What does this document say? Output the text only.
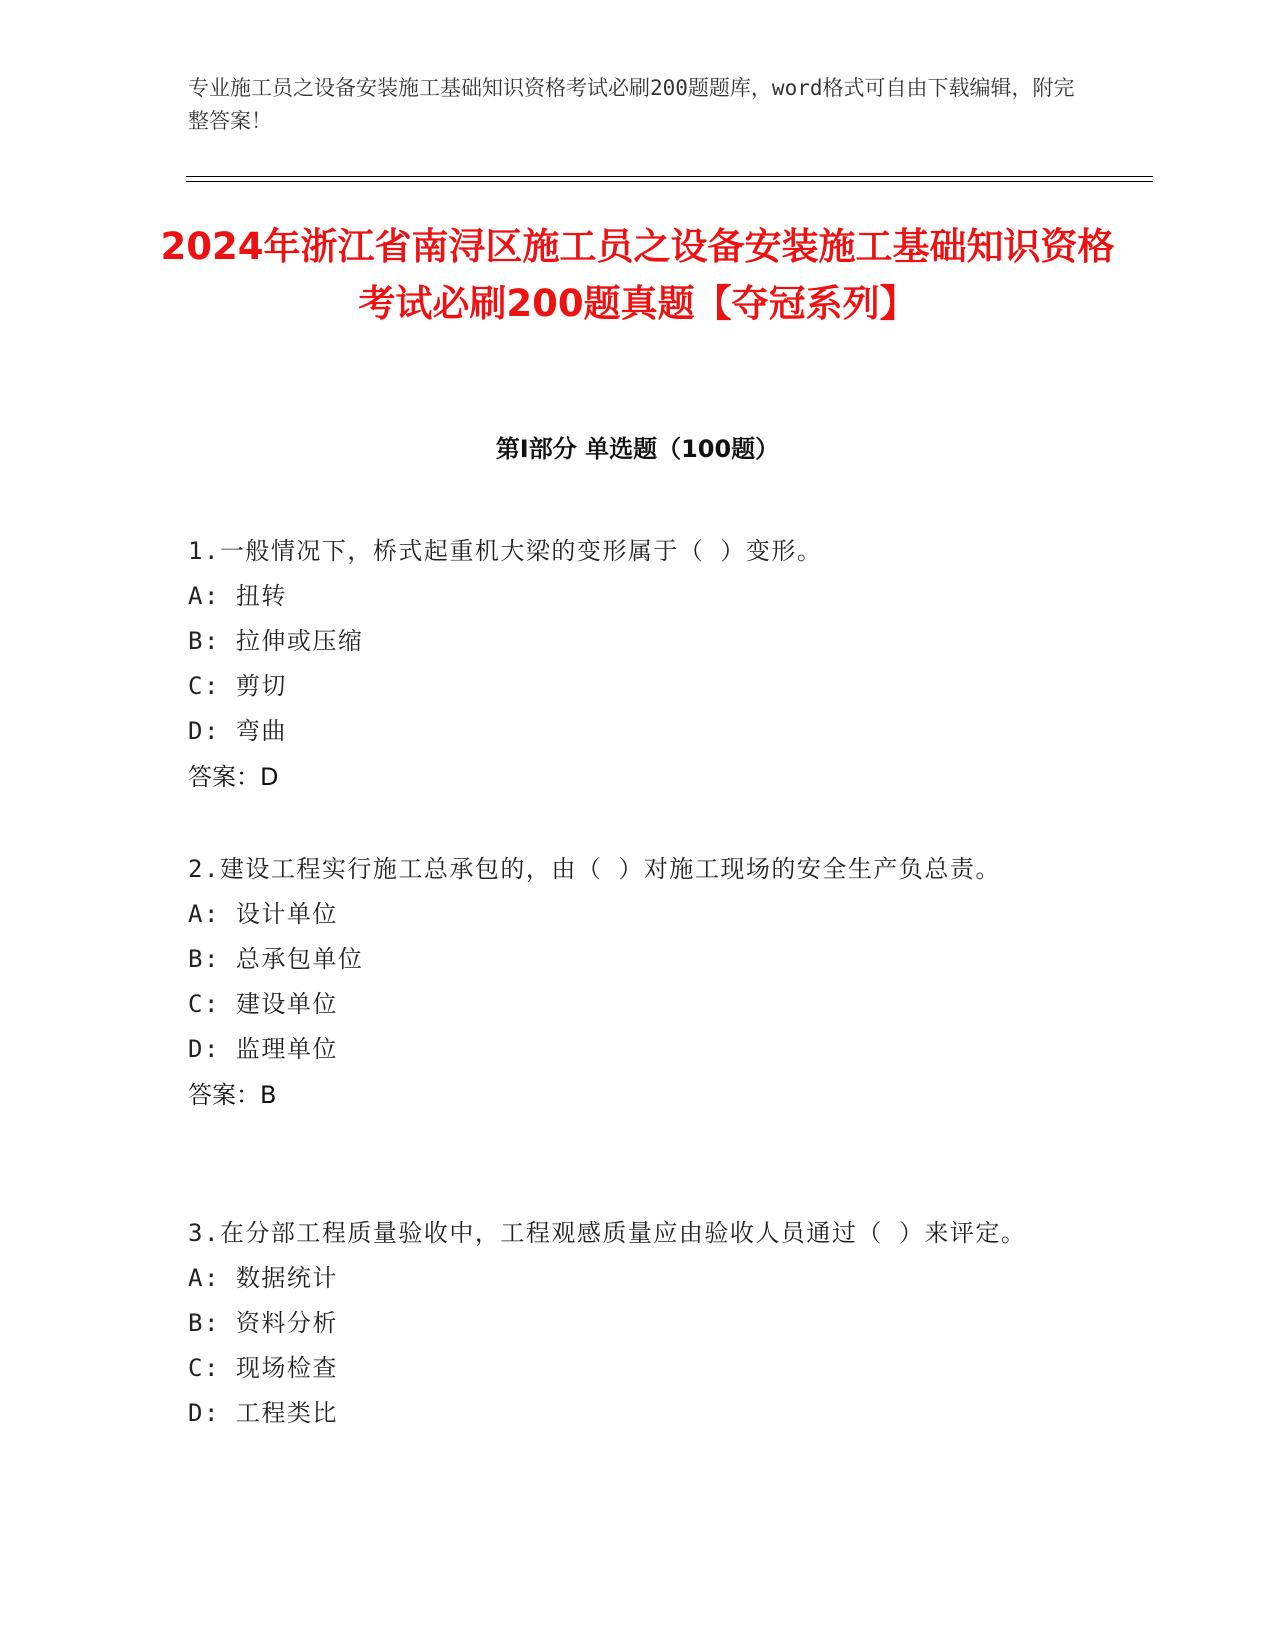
专业施工员之设备安装施工基础知识资格考试必刷200题题库，word格式可自由下载编辑，附完整答案！
2024年浙江省南浔区施工员之设备安装施工基础知识资格考试必刷200题真题【夺冠系列】
第Ⅰ部分 单选题（100题）
1.一般情况下，桥式起重机大梁的变形属于（ ）变形。
A: 扭转
B: 拉伸或压缩
C: 剪切
D: 弯曲
答案：D
2.建设工程实行施工总承包的，由（ ）对施工现场的安全生产负总责。
A: 设计单位
B: 总承包单位
C: 建设单位
D: 监理单位
答案：B
3.在分部工程质量验收中，工程观感质量应由验收人员通过（ ）来评定。
A: 数据统计
B: 资料分析
C: 现场检查
D: 工程类比
